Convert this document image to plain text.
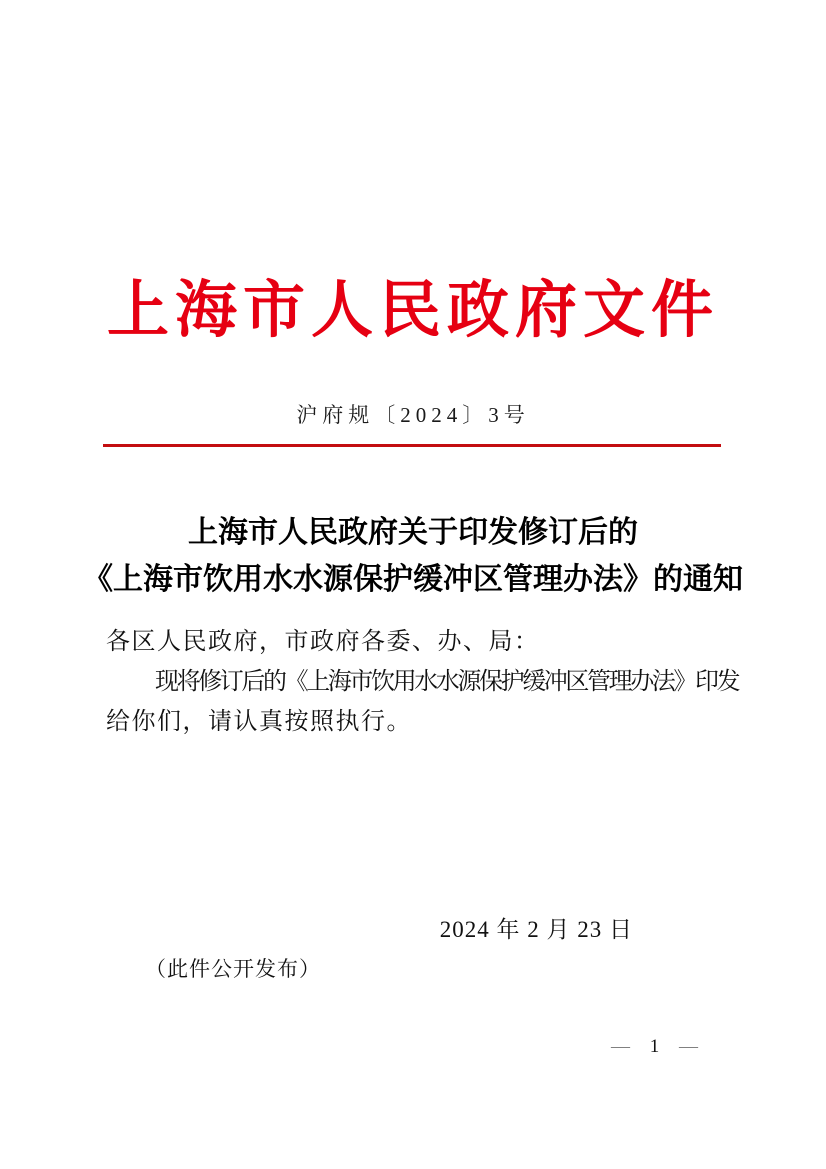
上海市人民政府文件
沪府规〔2024〕3号
上海市人民政府关于印发修订后的
《上海市饮用水水源保护缓冲区管理办法》的通知

各区人民政府，市政府各委、办、局：

现将修订后的《上海市饮用水水源保护缓冲区管理办法》印发

给你们，请认真按照执行。

2024 年 2 月 23 日
（此件公开发布）
— 1 —
